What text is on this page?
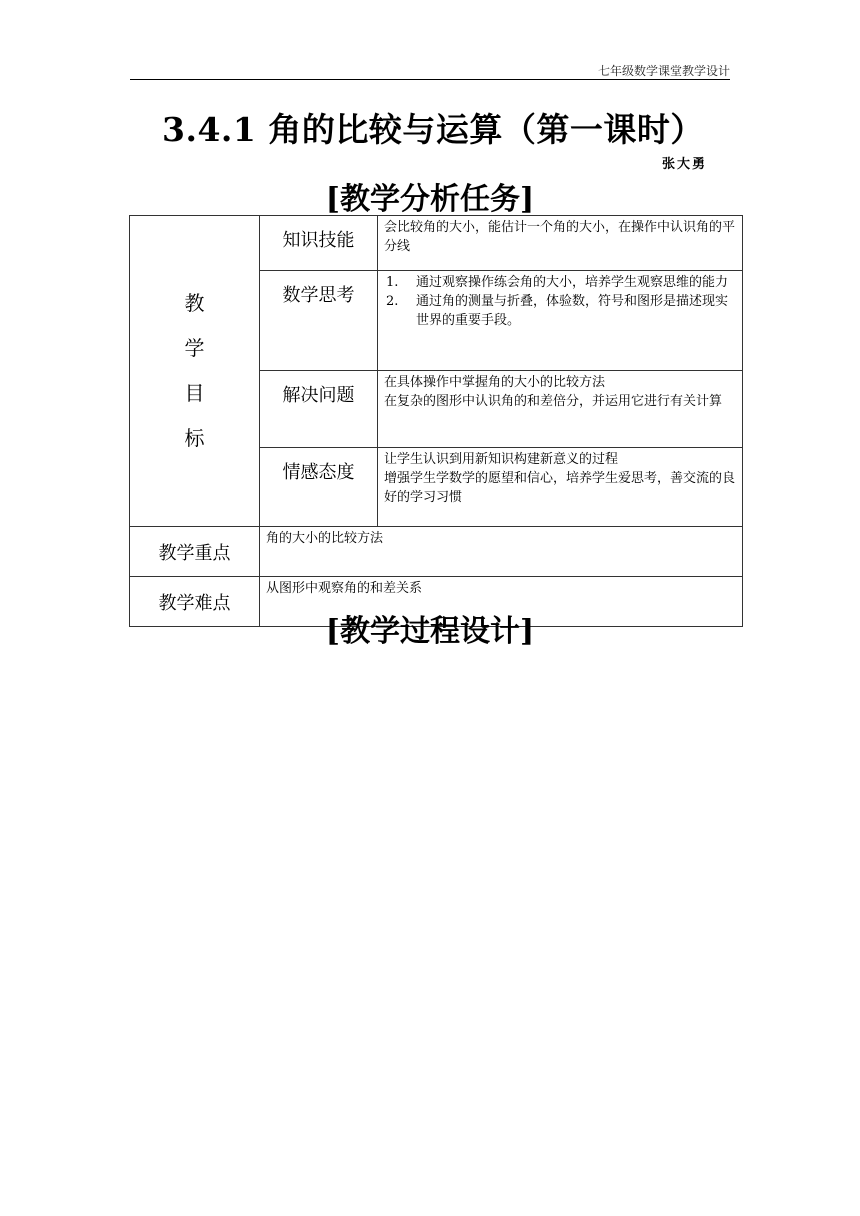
七年级数学课堂教学设计
3.4.1 角的比较与运算（第一课时）
张大勇
[教学分析任务]
教
学
目
标	知识技能	会比较角的大小，能估计一个角的大小，在操作中认识角的平分线

	数学思考	1. 通过观察操作练会角的大小，培养学生观察思维的能力
2. 通过角的测量与折叠，体验数，符号和图形是描述现实世界的重要手段。

	解决问题	在具体操作中掌握角的大小的比较方法
在复杂的图形中认识角的和差倍分，并运用它进行有关计算

	情感态度	让学生认识到用新知识构建新意义的过程
增强学生学数学的愿望和信心，培养学生爱思考，善交流的良好的学习习惯

教学重点	角的大小的比较方法	
教学难点	从图形中观察角的和差关系	
[教学过程设计]
